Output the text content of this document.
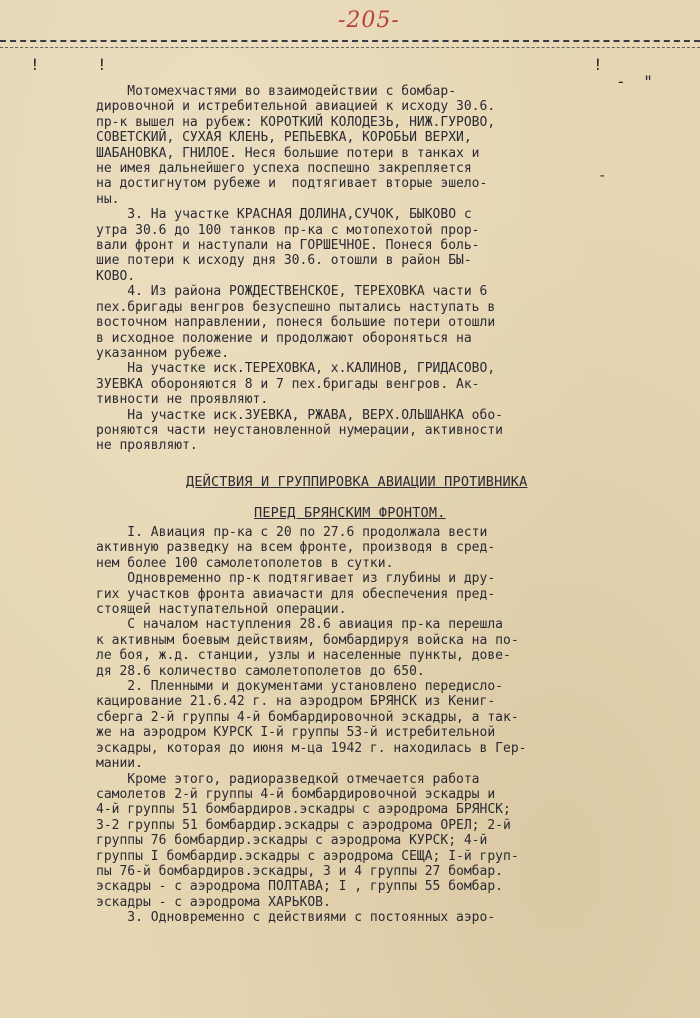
-205-
!	!	!
- "
-
Мотомехчастями во взаимодействии с бомбар-
дировочной и истребительной авиацией к исходу 30.6.
пр-к вышел на рубеж: КОРОТКИЙ КОЛОДЕЗЬ, НИЖ.ГУРОВО,
СОВЕТСКИЙ, СУХАЯ КЛЕНЬ, РЕПЬЕВКА, КОРОБЬИ ВЕРХИ,
ШАБАНОВКА, ГНИЛОЕ. Неся большие потери в танках и
не имея дальнейшего успеха поспешно закрепляется
на достигнутом рубеже и  подтягивает вторые эшело-
ны.
3. На участке КРАСНАЯ ДОЛИНА,СУЧОК, БЫКОВО с
утра 30.6 до 100 танков пр-ка с мотопехотой прор-
вали фронт и наступали на ГОРШЕЧНОЕ. Понеся боль-
шие потери к исходу дня 30.6. отошли в район БЫ-
КОВО.
4. Из района РОЖДЕСТВЕНСКОЕ, ТЕРЕХОВКА части 6
пех.бригады венгров безуспешно пытались наступать в
восточном направлении, понеся большие потери отошли
в исходное положение и продолжают обороняться на
указанном рубеже.
На участке иск.ТЕРЕХОВКА, х.КАЛИНОВ, ГРИДАСОВО,
ЗУЕВКА обороняются 8 и 7 пех.бригады венгров. Ак-
тивности не проявляют.
На участке иск.ЗУЕВКА, РЖАВА, ВЕРХ.ОЛЬШАНКА обо-
роняются части неустановленной нумерации, активности
не проявляют.
ДЕЙСТВИЯ И ГРУППИРОВКА АВИАЦИИ ПРОТИВНИКА
ПЕРЕД БРЯНСКИМ ФРОНТОМ.
I. Авиация пр-ка с 20 по 27.6 продолжала вести
активную разведку на всем фронте, производя в сред-
нем более 100 самолетополетов в сутки.
Одновременно пр-к подтягивает из глубины и дру-
гих участков фронта авиачасти для обеспечения пред-
стоящей наступательной операции.
С началом наступления 28.6 авиация пр-ка перешла
к активным боевым действиям, бомбардируя войска на по-
ле боя, ж.д. станции, узлы и населенные пункты, дове-
дя 28.6 количество самолетополетов до 650.
2. Пленными и документами установлено передисло-
кацирование 21.6.42 г. на аэродром БРЯНСК из Кениг-
сберга 2-й группы 4-й бомбардировочной эскадры, а так-
же на аэродром КУРСК I-й группы 53-й истребительной
эскадры, которая до июня м-ца 1942 г. находилась в Гер-
мании.
Кроме этого, радиоразведкой отмечается работа
самолетов 2-й группы 4-й бомбардировочной эскадры и
4-й группы 51 бомбардиров.эскадры с аэродрома БРЯНСК;
3-2 группы 51 бомбардир.эскадры с аэродрома ОРЕЛ; 2-й
группы 76 бомбардир.эскадры с аэродрома КУРСК; 4-й
группы I бомбардир.эскадры с аэродрома СЕЩА; I-й груп-
пы 76-й бомбардиров.эскадры, 3 и 4 группы 27 бомбар.
эскадры - с аэродрома ПОЛТАВА; I , группы 55 бомбар.
эскадры - с аэродрома ХАРЬКОВ.
3. Одновременно с действиями с постоянных аэро-
